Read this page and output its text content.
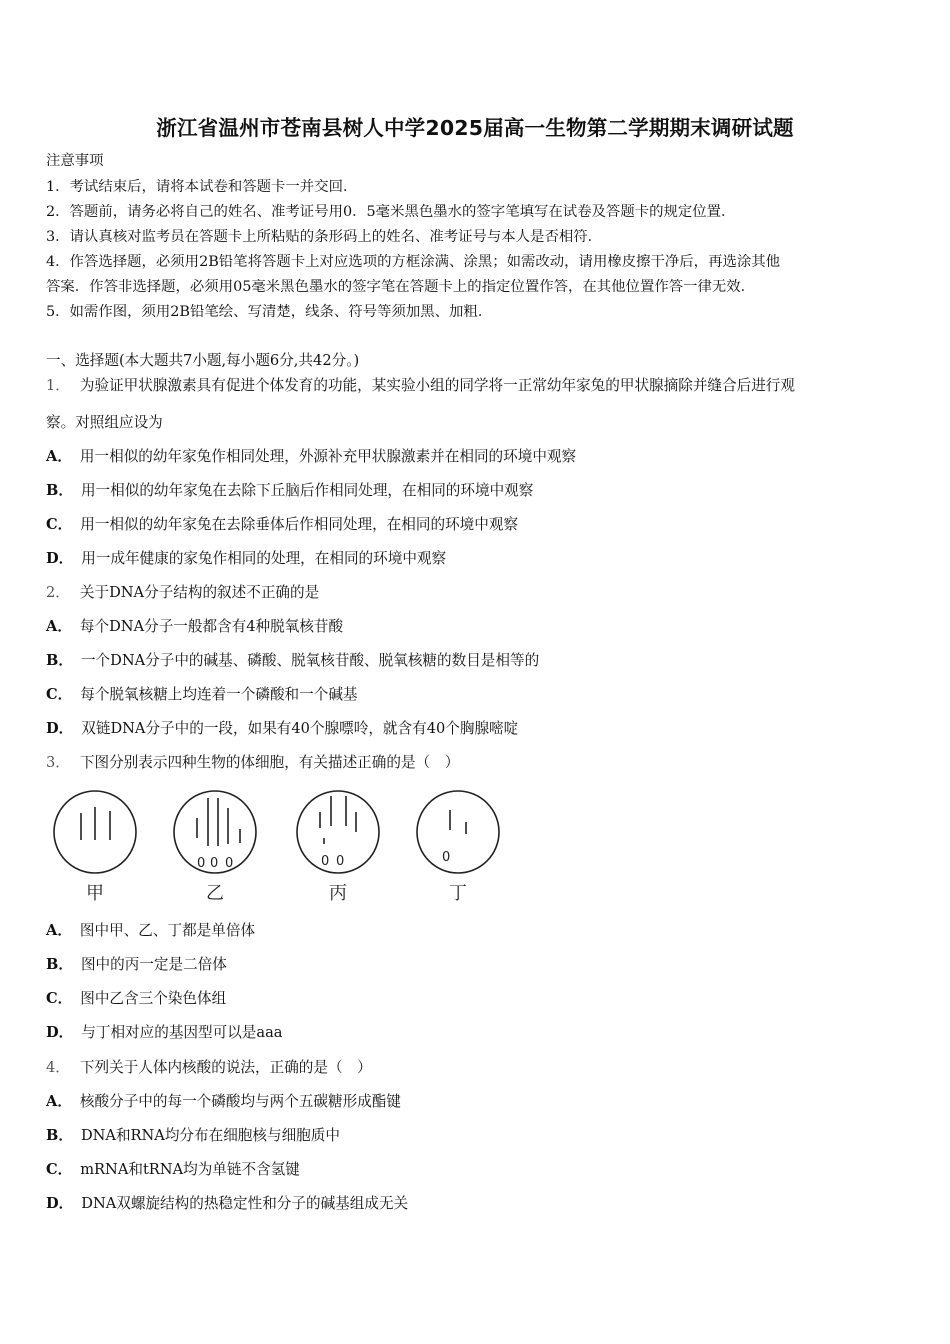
浙江省温州市苍南县树人中学2025届高一生物第二学期期末调研试题
注意事项
1．考试结束后，请将本试卷和答题卡一并交回．
2．答题前，请务必将自己的姓名、准考证号用0．5毫米黑色墨水的签字笔填写在试卷及答题卡的规定位置．
3．请认真核对监考员在答题卡上所粘贴的条形码上的姓名、准考证号与本人是否相符．
4．作答选择题，必须用2B铅笔将答题卡上对应选项的方框涂满、涂黑；如需改动，请用橡皮擦干净后，再选涂其他
答案．作答非选择题，必须用05毫米黑色墨水的签字笔在答题卡上的指定位置作答，在其他位置作答一律无效．
5．如需作图，须用2B铅笔绘、写清楚，线条、符号等须加黑、加粗．
一、选择题(本大题共7小题,每小题6分,共42分。)
1． 为验证甲状腺激素具有促进个体发育的功能，某实验小组的同学将一正常幼年家兔的甲状腺摘除并缝合后进行观
察。对照组应设为
A． 用一相似的幼年家兔作相同处理，外源补充甲状腺激素并在相同的环境中观察
B． 用一相似的幼年家兔在去除下丘脑后作相同处理，在相同的环境中观察
C． 用一相似的幼年家兔在去除垂体后作相同处理，在相同的环境中观察
D． 用一成年健康的家兔作相同的处理，在相同的环境中观察
2． 关于DNA分子结构的叙述不正确的是
A． 每个DNA分子一般都含有4种脱氧核苷酸
B． 一个DNA分子中的碱基、磷酸、脱氧核苷酸、脱氧核糖的数目是相等的
C． 每个脱氧核糖上均连着一个磷酸和一个碱基
D． 双链DNA分子中的一段，如果有40个腺嘌呤，就含有40个胸腺嘧啶
3． 下图分别表示四种生物的体细胞，有关描述正确的是（　）
0 0 0	0 0	0
甲	乙	丙	丁
A． 图中甲、乙、丁都是单倍体
B． 图中的丙一定是二倍体
C． 图中乙含三个染色体组
D． 与丁相对应的基因型可以是aaa
4． 下列关于人体内核酸的说法，正确的是（　）
A． 核酸分子中的每一个磷酸均与两个五碳糖形成酯键
B． DNA和RNA均分布在细胞核与细胞质中
C． mRNA和tRNA均为单链不含氢键
D． DNA双螺旋结构的热稳定性和分子的碱基组成无关
